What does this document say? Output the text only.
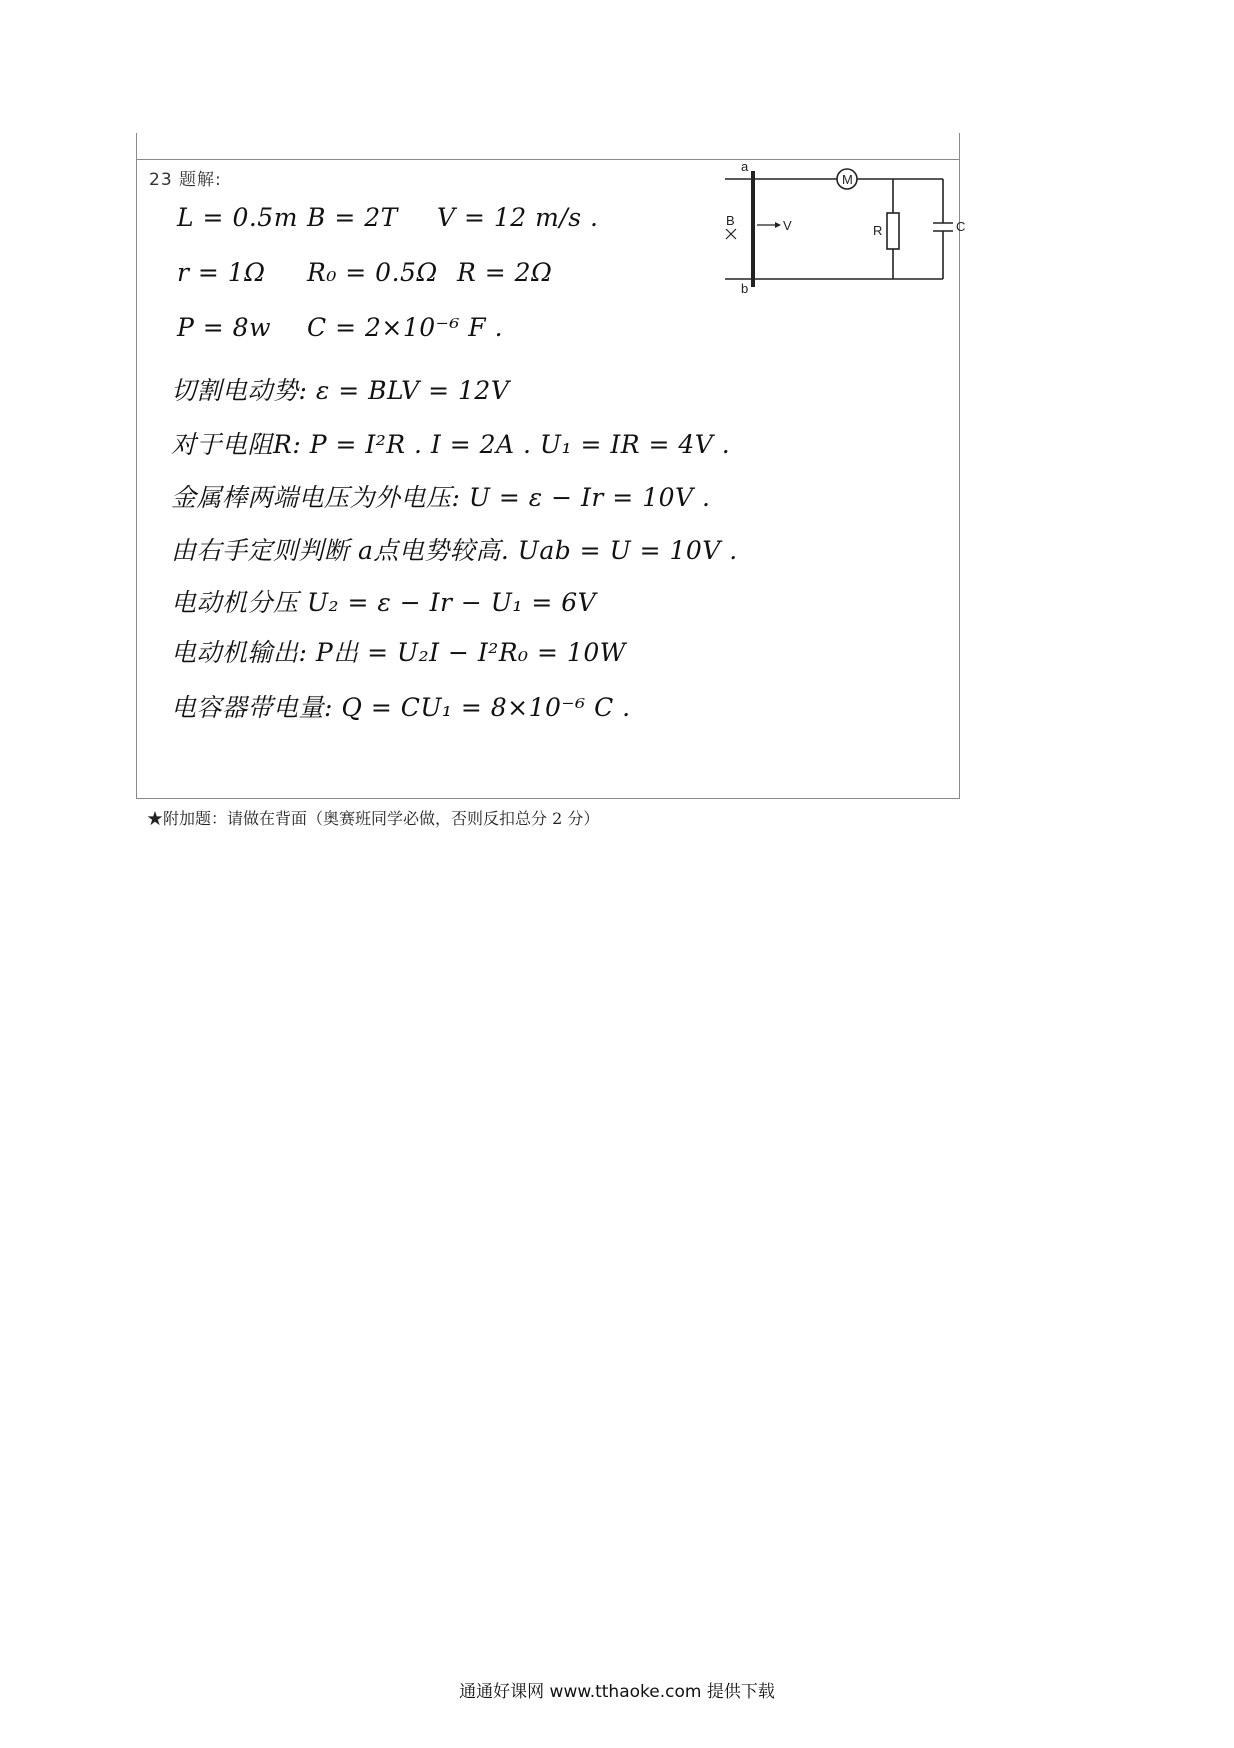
23 题解:
L = 0.5m B = 2T V = 12 m/s .
r = 1Ω R₀ = 0.5Ω R = 2Ω
P = 8w C = 2×10⁻⁶ F .
切割电动势: ε = BLV = 12V
对于电阻R: P = I²R . I = 2A . U₁ = IR = 4V .
金属棒两端电压为外电压: U = ε − Ir = 10V .
由右手定则判断 a点电势较高. Uab = U = 10V .
电动机分压 U₂ = ε − Ir − U₁ = 6V
电动机输出: P出 = U₂I − I²R₀ = 10W
电容器带电量: Q = CU₁ = 8×10⁻⁶ C .
a
b
B	V
M
R	C
★附加题：请做在背面（奥赛班同学必做，否则反扣总分 2 分）
通通好课网 www.tthaoke.com 提供下载
